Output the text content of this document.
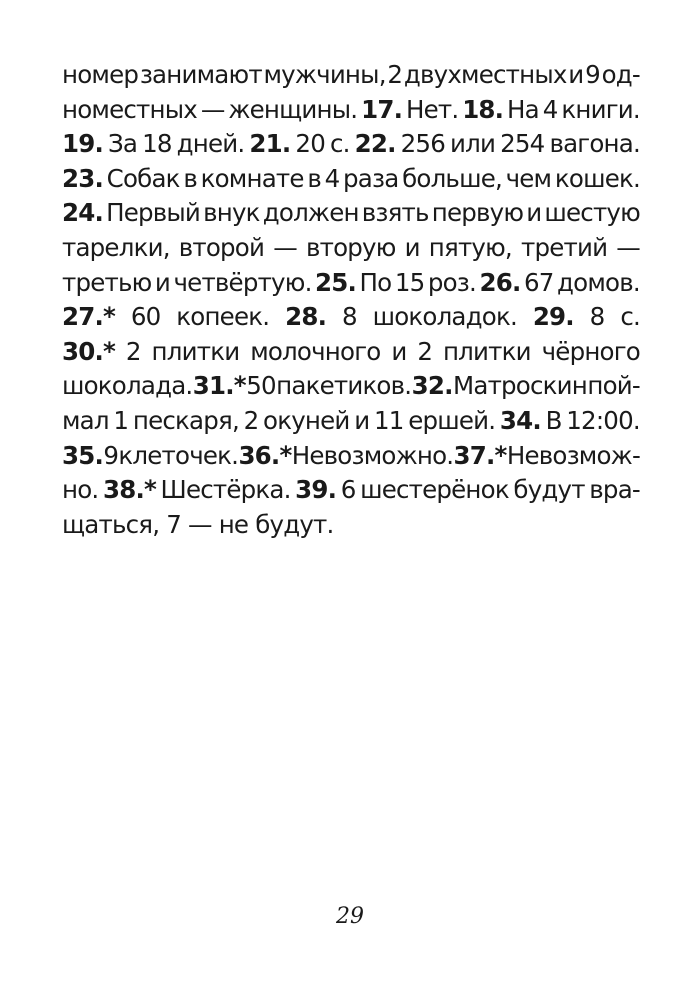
номер занимают мужчины, 2 двухместных и 9 од-
номестных — женщины. 17. Нет. 18. На 4 книги.
19. За 18 дней. 21. 20 с. 22. 256 или 254 вагона.
23. Собак в комнате в 4 раза больше, чем кошек.
24. Первый внук должен взять первую и шестую
тарелки, второй — вторую и пятую, третий —
третью и четвёртую. 25. По 15 роз. 26. 67 домов.
27.* 60 копеек. 28. 8 шоколадок. 29. 8 с.
30.* 2 плитки молочного и 2 плитки чёрного
шоколада. 31.* 50 пакетиков. 32. Матроскин пой-
мал 1 пескаря, 2 окуней и 11 ершей. 34. В 12:00.
35. 9 клеточек. 36.* Невозможно. 37.* Невозмож-
но. 38.* Шестёрка. 39. 6 шестерёнок будут вра-
щаться,
7
—
не
будут.
29
